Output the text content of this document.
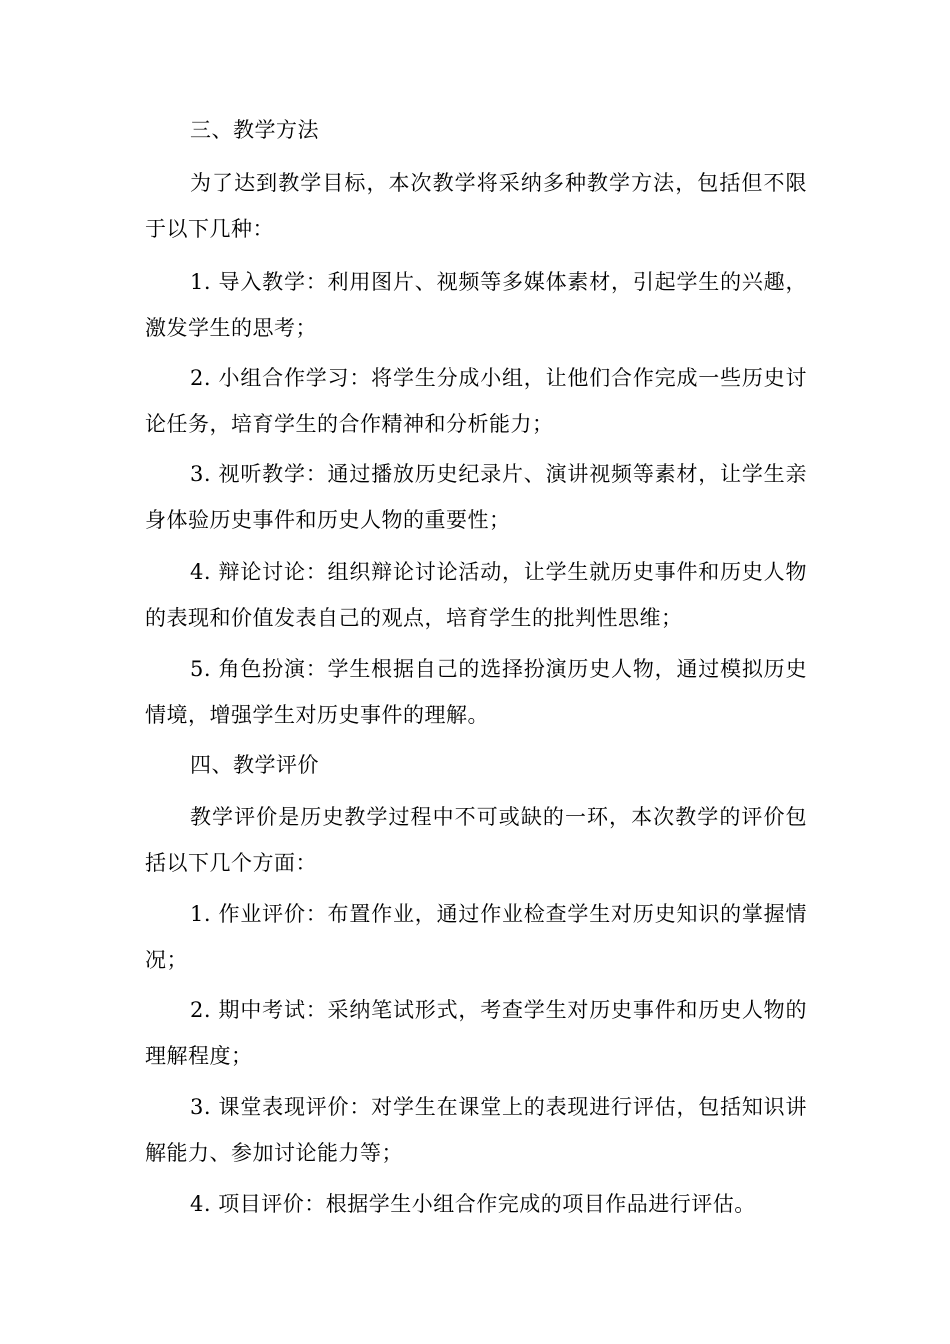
三、教学方法

为了达到教学目标，本次教学将采纳多种教学方法，包括但不限于以下几种：

1. 导入教学：利用图片、视频等多媒体素材，引起学生的兴趣，激发学生的思考；

2. 小组合作学习：将学生分成小组，让他们合作完成一些历史讨论任务，培育学生的合作精神和分析能力；

3. 视听教学：通过播放历史纪录片、演讲视频等素材，让学生亲身体验历史事件和历史人物的重要性；

4. 辩论讨论：组织辩论讨论活动，让学生就历史事件和历史人物的表现和价值发表自己的观点，培育学生的批判性思维；

5. 角色扮演：学生根据自己的选择扮演历史人物，通过模拟历史情境，增强学生对历史事件的理解。

四、教学评价

教学评价是历史教学过程中不可或缺的一环，本次教学的评价包括以下几个方面：

1. 作业评价：布置作业，通过作业检查学生对历史知识的掌握情况；

2. 期中考试：采纳笔试形式，考查学生对历史事件和历史人物的理解程度；

3. 课堂表现评价：对学生在课堂上的表现进行评估，包括知识讲解能力、参加讨论能力等；

4. 项目评价：根据学生小组合作完成的项目作品进行评估。
